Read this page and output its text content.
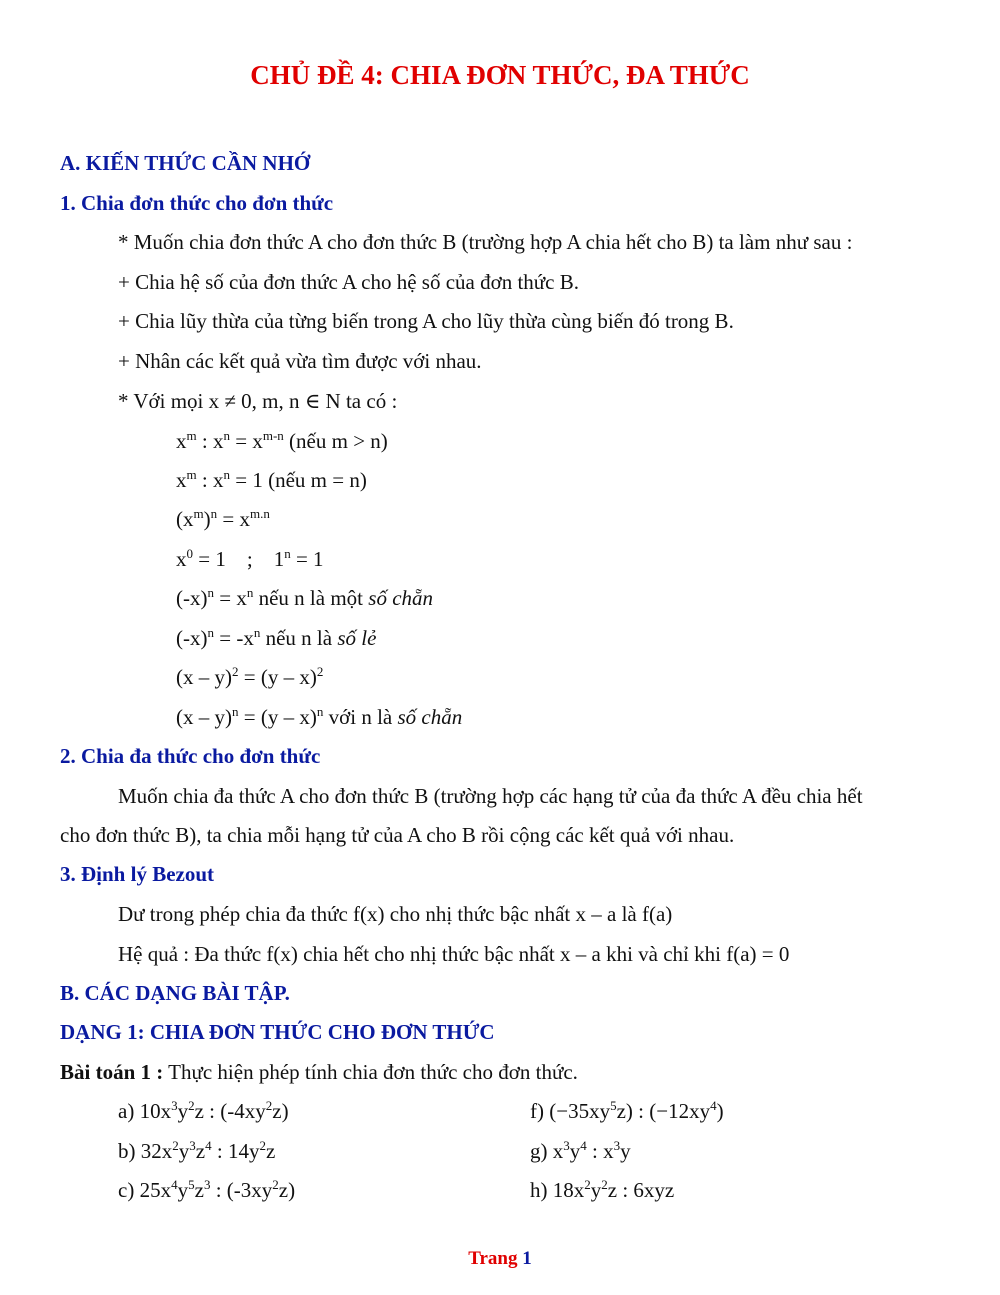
CHỦ ĐỀ 4: CHIA ĐƠN THỨC, ĐA THỨC
A. KIẾN THỨC CẦN NHỚ
1. Chia đơn thức cho đơn thức
* Muốn chia đơn thức A cho đơn thức B (trường hợp A chia hết cho B) ta làm như sau :
+ Chia hệ số của đơn thức A cho hệ số của đơn thức B.
+ Chia lũy thừa của từng biến trong A cho lũy thừa cùng biến đó trong B.
+ Nhân các kết quả vừa tìm được với nhau.
* Với mọi x ≠ 0, m, n ∈ N ta có :
$x^m$ : $x^n = x^{m-n}$ (nếu m > n)
$x^m$ : $x^n = 1$ (nếu m = n)
$(x^m)^n = x^{m.n}$
$x^0 = 1$    ;    $1^n = 1$
$(-x)^n = x^n$ nếu n là một số chẵn
$(-x)^n = -x^n$ nếu n là số lẻ
(x – y)$^2$ = (y – x)$^2$
(x – y)$^n$ = (y – x)$^n$ với n là số chẵn
2. Chia đa thức cho đơn thức
Muốn chia đa thức A cho đơn thức B (trường hợp các hạng tử của đa thức A đều chia hết
cho đơn thức B), ta chia mỗi hạng tử của A cho B rồi cộng các kết quả với nhau.
3. Định lý Bezout
Dư trong phép chia đa thức f(x) cho nhị thức bậc nhất x – a là f(a)
Hệ quả : Đa thức f(x) chia hết cho nhị thức bậc nhất x – a khi và chỉ khi f(a) = 0
B. CÁC DẠNG BÀI TẬP.
DẠNG 1: CHIA ĐƠN THỨC CHO ĐƠN THỨC
Bài toán 1 : Thực hiện phép tính chia đơn thức cho đơn thức.
a) $10x^3y^2z$ : $(-4xy^2z)$	f) $(-35xy^5z)$ : $(-12xy^4)$
b) $32x^2y^3z^4$ : $14y^2z$	g) $x^3y^4$ : $x^3y$
c) $25x^4y^5z^3$ : $(-3xy^2z)$	h) $18x^2y^2z$ : 6xyz
Trang 1
